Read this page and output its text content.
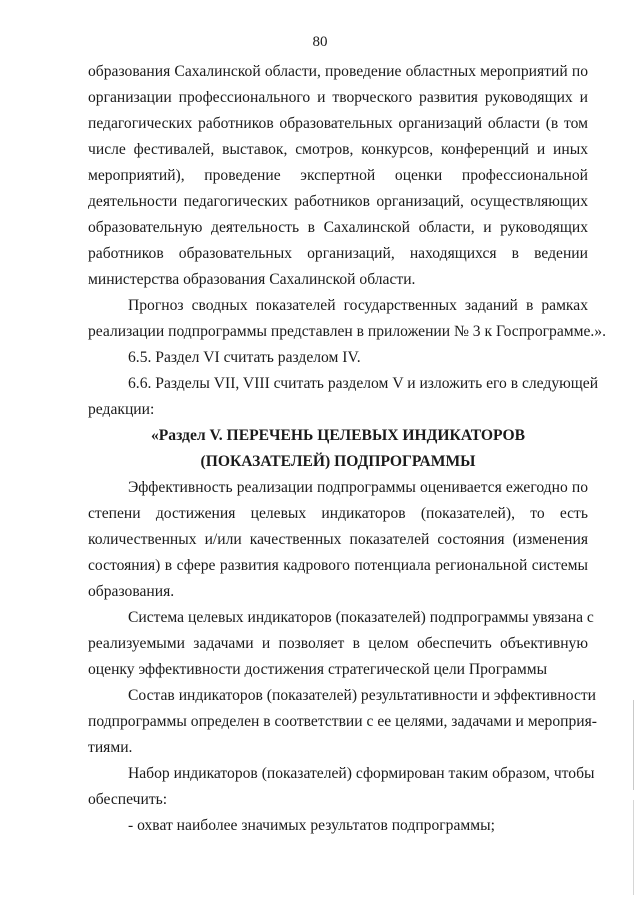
80
образования Сахалинской области, проведение областных мероприятий по
организации профессионального и творческого развития руководящих и
педагогических работников образовательных организаций области (в том
числе фестивалей, выставок, смотров, конкурсов, конференций и иных
мероприятий), проведение экспертной оценки профессиональной
деятельности педагогических работников организаций, осуществляющих
образовательную деятельность в Сахалинской области, и руководящих
работников образовательных организаций, находящихся в ведении
министерства образования Сахалинской области.
Прогноз сводных показателей государственных заданий в рамках
реализации подпрограммы представлен в приложении № 3 к Госпрограмме.».
6.5. Раздел VI считать разделом IV.
6.6. Разделы VII, VIII считать разделом V и изложить его в следующей
редакции:
«Раздел V. ПЕРЕЧЕНЬ ЦЕЛЕВЫХ ИНДИКАТОРОВ
(ПОКАЗАТЕЛЕЙ) ПОДПРОГРАММЫ
Эффективность реализации подпрограммы оценивается ежегодно по
степени достижения целевых индикаторов (показателей), то есть
количественных и/или качественных показателей состояния (изменения
состояния) в сфере развития кадрового потенциала региональной системы
образования.
Система целевых индикаторов (показателей) подпрограммы увязана с
реализуемыми задачами и позволяет в целом обеспечить объективную
оценку эффективности достижения стратегической цели Программы
Состав индикаторов (показателей) результативности и эффективности
подпрограммы определен в соответствии с ее целями, задачами и мероприя-
тиями.
Набор индикаторов (показателей) сформирован таким образом, чтобы
обеспечить:
- охват наиболее значимых результатов подпрограммы;
